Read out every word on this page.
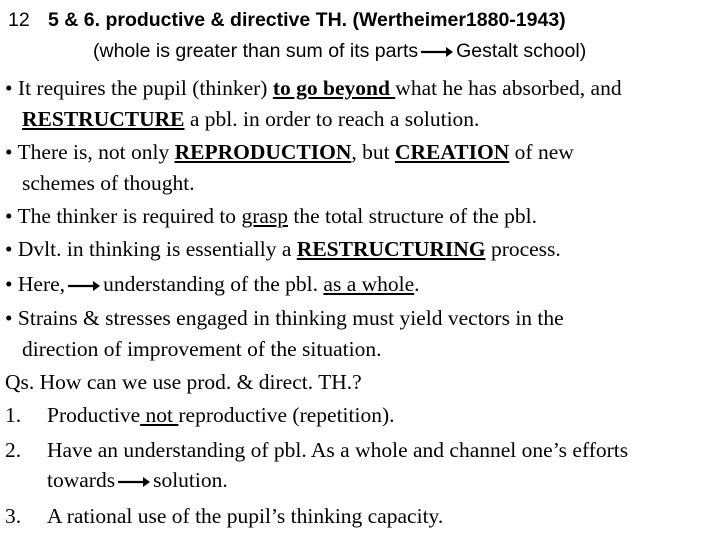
12 5 & 6. productive & directive TH. (Wertheimer1880-1943)
(whole is greater than sum of its parts Gestalt school)
• It requires the pupil (thinker) to go beyond what he has absorbed, and
RESTRUCTURE a pbl. in order to reach a solution.
• There is, not only REPRODUCTION, but CREATION of new
schemes of thought.
• The thinker is required to grasp the total structure of the pbl.
• Dvlt. in thinking is essentially a RESTRUCTURING process.
• Here, understanding of the pbl. as a whole.
• Strains & stresses engaged in thinking must yield vectors in the
direction of improvement of the situation.
Qs. How can we use prod. & direct. TH.?
1. Productive not reproductive (repetition).
2. Have an understanding of pbl. As a whole and channel one’s efforts
towards solution.
3. A rational use of the pupil’s thinking capacity.
